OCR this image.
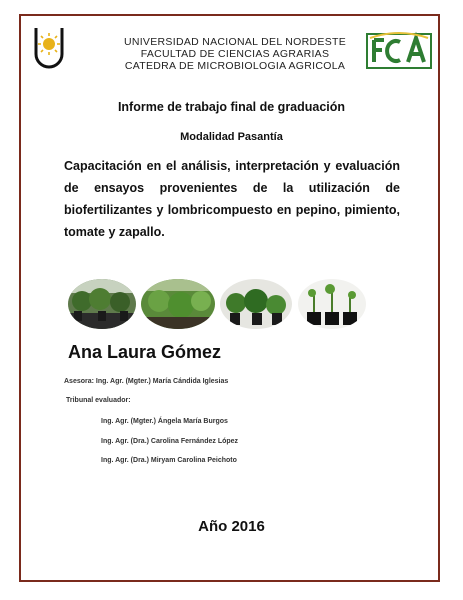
UNIVERSIDAD NACIONAL DEL NORDESTE
FACULTAD DE CIENCIAS AGRARIAS
CATEDRA DE MICROBIOLOGIA AGRICOLA
Informe de trabajo final de graduación
Modalidad Pasantía
Capacitación en el análisis, interpretación y evaluación de ensayos provenientes de la utilización de biofertilizantes y lombricompuesto en pepino, pimiento, tomate y zapallo.
Ana Laura Gómez
Asesora: Ing. Agr. (Mgter.) María Cándida Iglesias
Tribunal evaluador:
Ing. Agr. (Mgter.) Ángela María Burgos
Ing. Agr. (Dra.) Carolina Fernández López
Ing. Agr. (Dra.) Miryam Carolina Peichoto
Año 2016
